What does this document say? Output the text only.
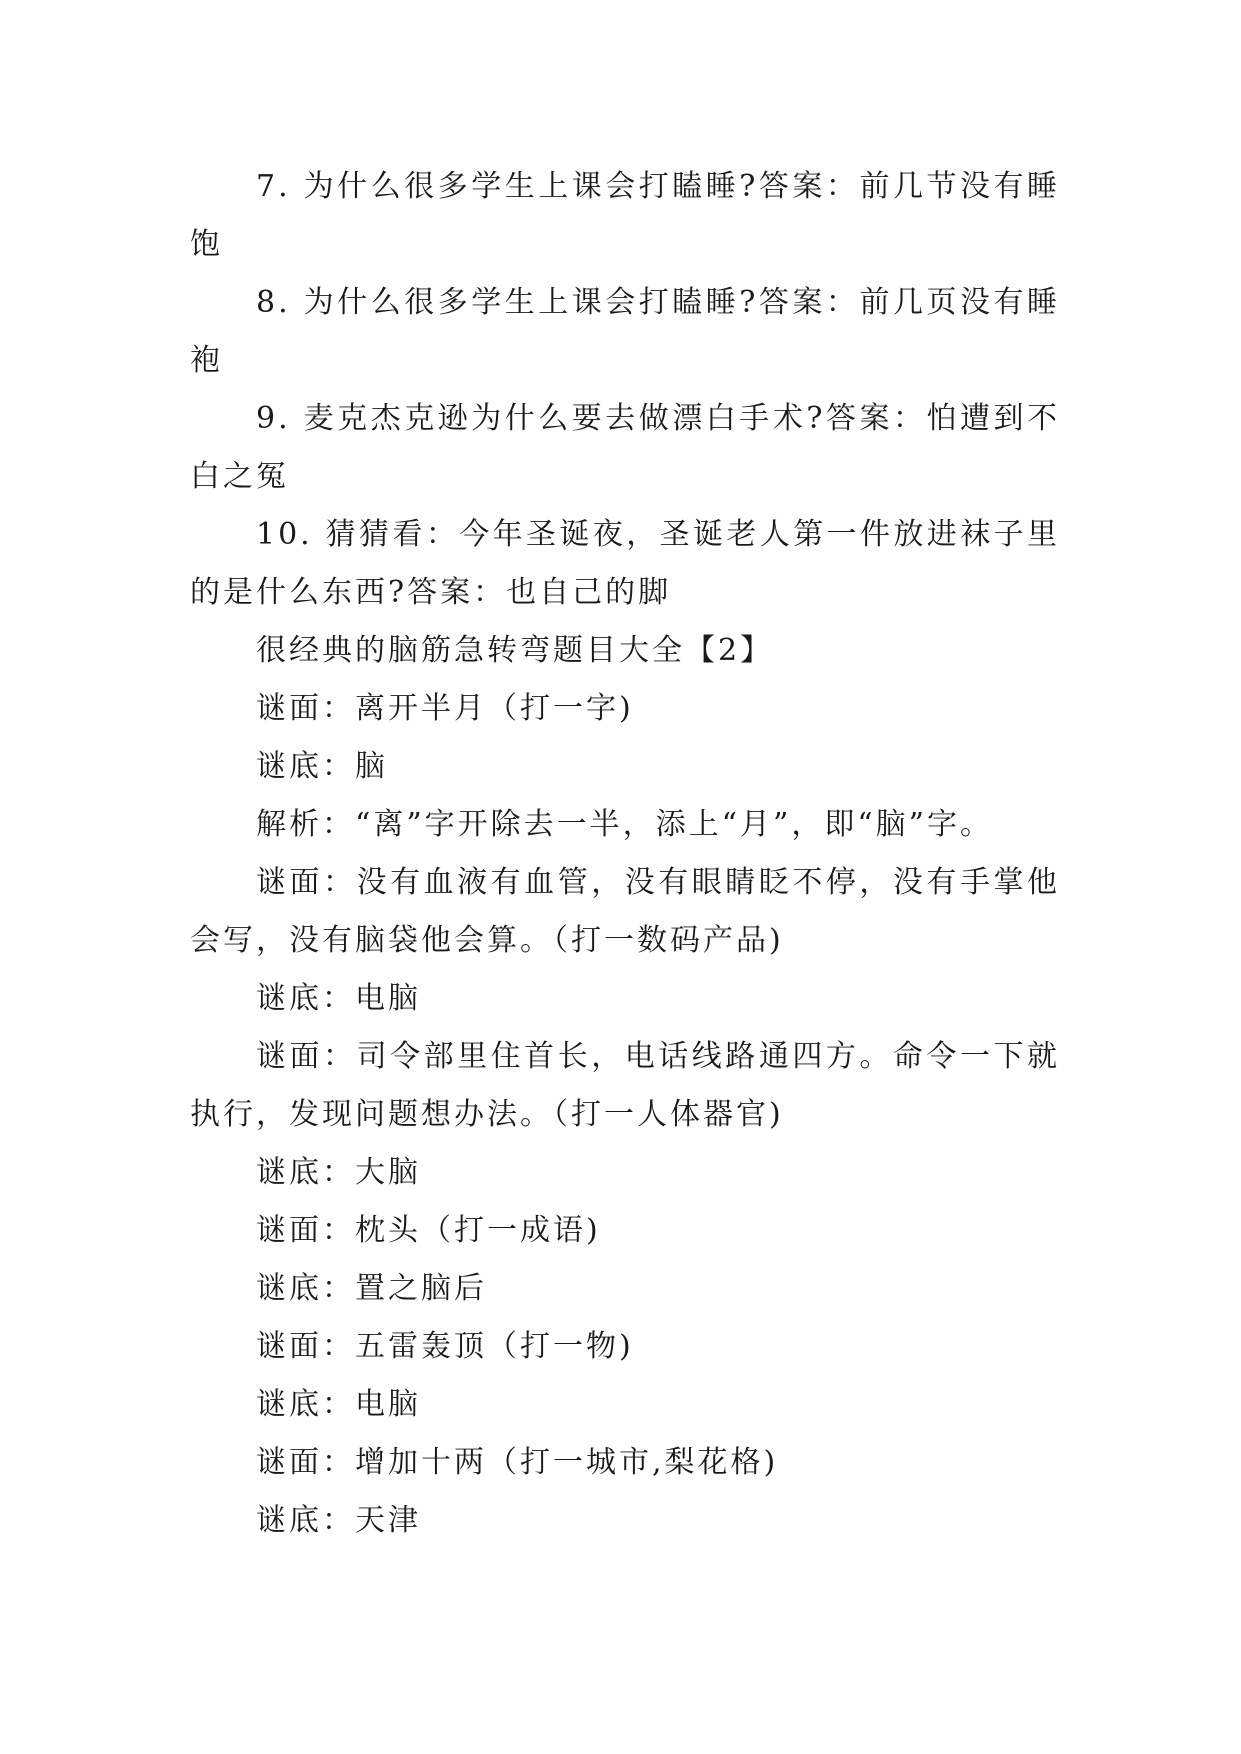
7. 为什么很多学生上课会打瞌睡?答案：前几节没有睡饱

8. 为什么很多学生上课会打瞌睡?答案：前几页没有睡袍

9. 麦克杰克逊为什么要去做漂白手术?答案：怕遭到不白之冤

10. 猜猜看：今年圣诞夜，圣诞老人第一件放进袜子里的是什么东西?答案：也自己的脚

很经典的脑筋急转弯题目大全【2】

谜面：离开半月（打一字)

谜底：脑

解析：“离”字开除去一半，添上“月”，即“脑”字。

谜面：没有血液有血管，没有眼睛眨不停，没有手掌他会写，没有脑袋他会算。（打一数码产品)

谜底：电脑

谜面：司令部里住首长，电话线路通四方。命令一下就执行，发现问题想办法。（打一人体器官)

谜底：大脑

谜面：枕头（打一成语)

谜底：置之脑后

谜面：五雷轰顶（打一物)

谜底：电脑

谜面：增加十两（打一城市,梨花格)

谜底：天津
